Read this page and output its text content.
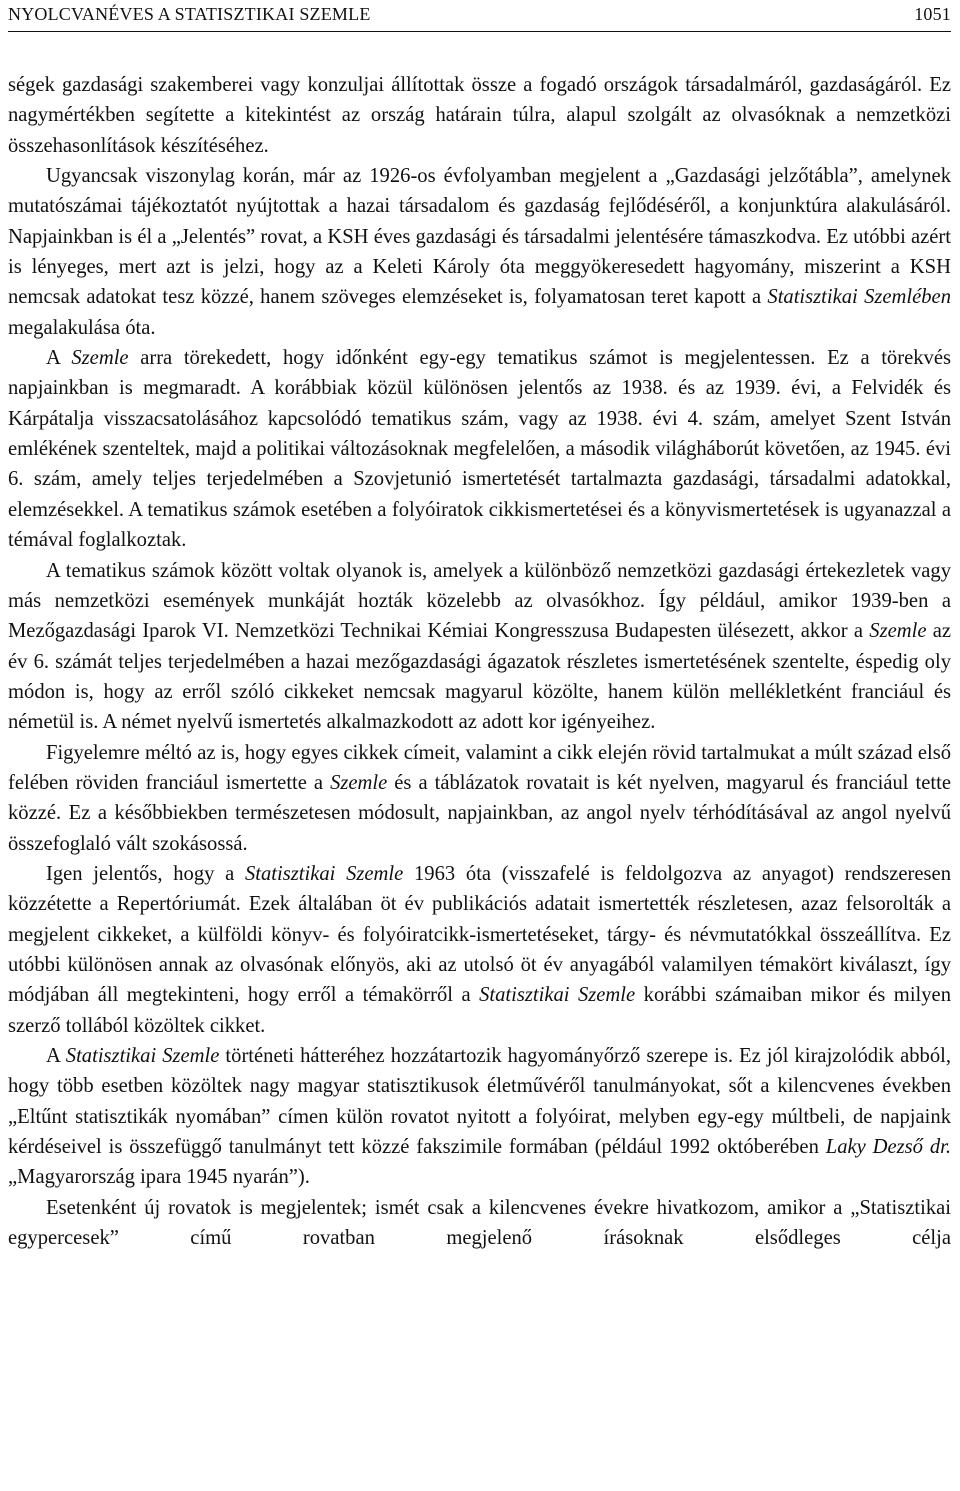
NYOLCVANÉVES A STATISZTIKAI SZEMLE	1051

ségek gazdasági szakemberei vagy konzuljai állítottak össze a fogadó országok társadalmáról, gazdaságáról. Ez nagymértékben segítette a kitekintést az ország határain túlra, alapul szolgált az olvasóknak a nemzetközi összehasonlítások készítéséhez.

Ugyancsak viszonylag korán, már az 1926-os évfolyamban megjelent a „Gazdasági jelzőtábla”, amelynek mutatószámai tájékoztatót nyújtottak a hazai társadalom és gazdaság fejlődéséről, a konjunktúra alakulásáról. Napjainkban is él a „Jelentés” rovat, a KSH éves gazdasági és társadalmi jelentésére támaszkodva. Ez utóbbi azért is lényeges, mert azt is jelzi, hogy az a Keleti Károly óta meggyökeresedett hagyomány, miszerint a KSH nemcsak adatokat tesz közzé, hanem szöveges elemzéseket is, folyamatosan teret kapott a Statisztikai Szemlében megalakulása óta.

A Szemle arra törekedett, hogy időnként egy-egy tematikus számot is megjelentessen. Ez a törekvés napjainkban is megmaradt. A korábbiak közül különösen jelentős az 1938. és az 1939. évi, a Felvidék és Kárpátalja visszacsatolásához kapcsolódó tematikus szám, vagy az 1938. évi 4. szám, amelyet Szent István emlékének szenteltek, majd a politikai változásoknak megfelelően, a második világháborút követően, az 1945. évi 6. szám, amely teljes terjedelmében a Szovjetunió ismertetését tartalmazta gazdasági, társadalmi adatokkal, elemzésekkel. A tematikus számok esetében a folyóiratok cikkismertetései és a könyvismertetések is ugyanazzal a témával foglalkoztak.

A tematikus számok között voltak olyanok is, amelyek a különböző nemzetközi gazdasági értekezletek vagy más nemzetközi események munkáját hozták közelebb az olvasókhoz. Így például, amikor 1939-ben a Mezőgazdasági Iparok VI. Nemzetközi Technikai Kémiai Kongresszusa Budapesten ülésezett, akkor a Szemle az év 6. számát teljes terjedelmében a hazai mezőgazdasági ágazatok részletes ismertetésének szentelte, éspedig oly módon is, hogy az erről szóló cikkeket nemcsak magyarul közölte, hanem külön mellékletként franciául és németül is. A német nyelvű ismertetés alkalmazkodott az adott kor igényeihez.

Figyelemre méltó az is, hogy egyes cikkek címeit, valamint a cikk elején rövid tartalmukat a múlt század első felében röviden franciául ismertette a Szemle és a táblázatok rovatait is két nyelven, magyarul és franciául tette közzé. Ez a későbbiekben természetesen módosult, napjainkban, az angol nyelv térhódításával az angol nyelvű összefoglaló vált szokásossá.

Igen jelentős, hogy a Statisztikai Szemle 1963 óta (visszafelé is feldolgozva az anyagot) rendszeresen közzétette a Repertóriumát. Ezek általában öt év publikációs adatait ismertették részletesen, azaz felsorolták a megjelent cikkeket, a külföldi könyv- és folyóiratcikk-ismertetéseket, tárgy- és névmutatókkal összeállítva. Ez utóbbi különösen annak az olvasónak előnyös, aki az utolsó öt év anyagából valamilyen témakört kiválaszt, így módjában áll megtekinteni, hogy erről a témakörről a Statisztikai Szemle korábbi számaiban mikor és milyen szerző tollából közöltek cikket.

A Statisztikai Szemle történeti hátteréhez hozzátartozik hagyományőrző szerepe is. Ez jól kirajzolódik abból, hogy több esetben közöltek nagy magyar statisztikusok életművéről tanulmányokat, sőt a kilencvenes években „Eltűnt statisztikák nyomában” címen külön rovatot nyitott a folyóirat, melyben egy-egy múltbeli, de napjaink kérdéseivel is összefüggő tanulmányt tett közzé fakszimile formában (például 1992 októberében Laky Dezső dr. „Magyarország ipara 1945 nyarán”).

Esetenként új rovatok is megjelentek; ismét csak a kilencvenes évekre hivatkozom, amikor a „Statisztikai egypercesek” című rovatban megjelenő írásoknak elsődleges célja
